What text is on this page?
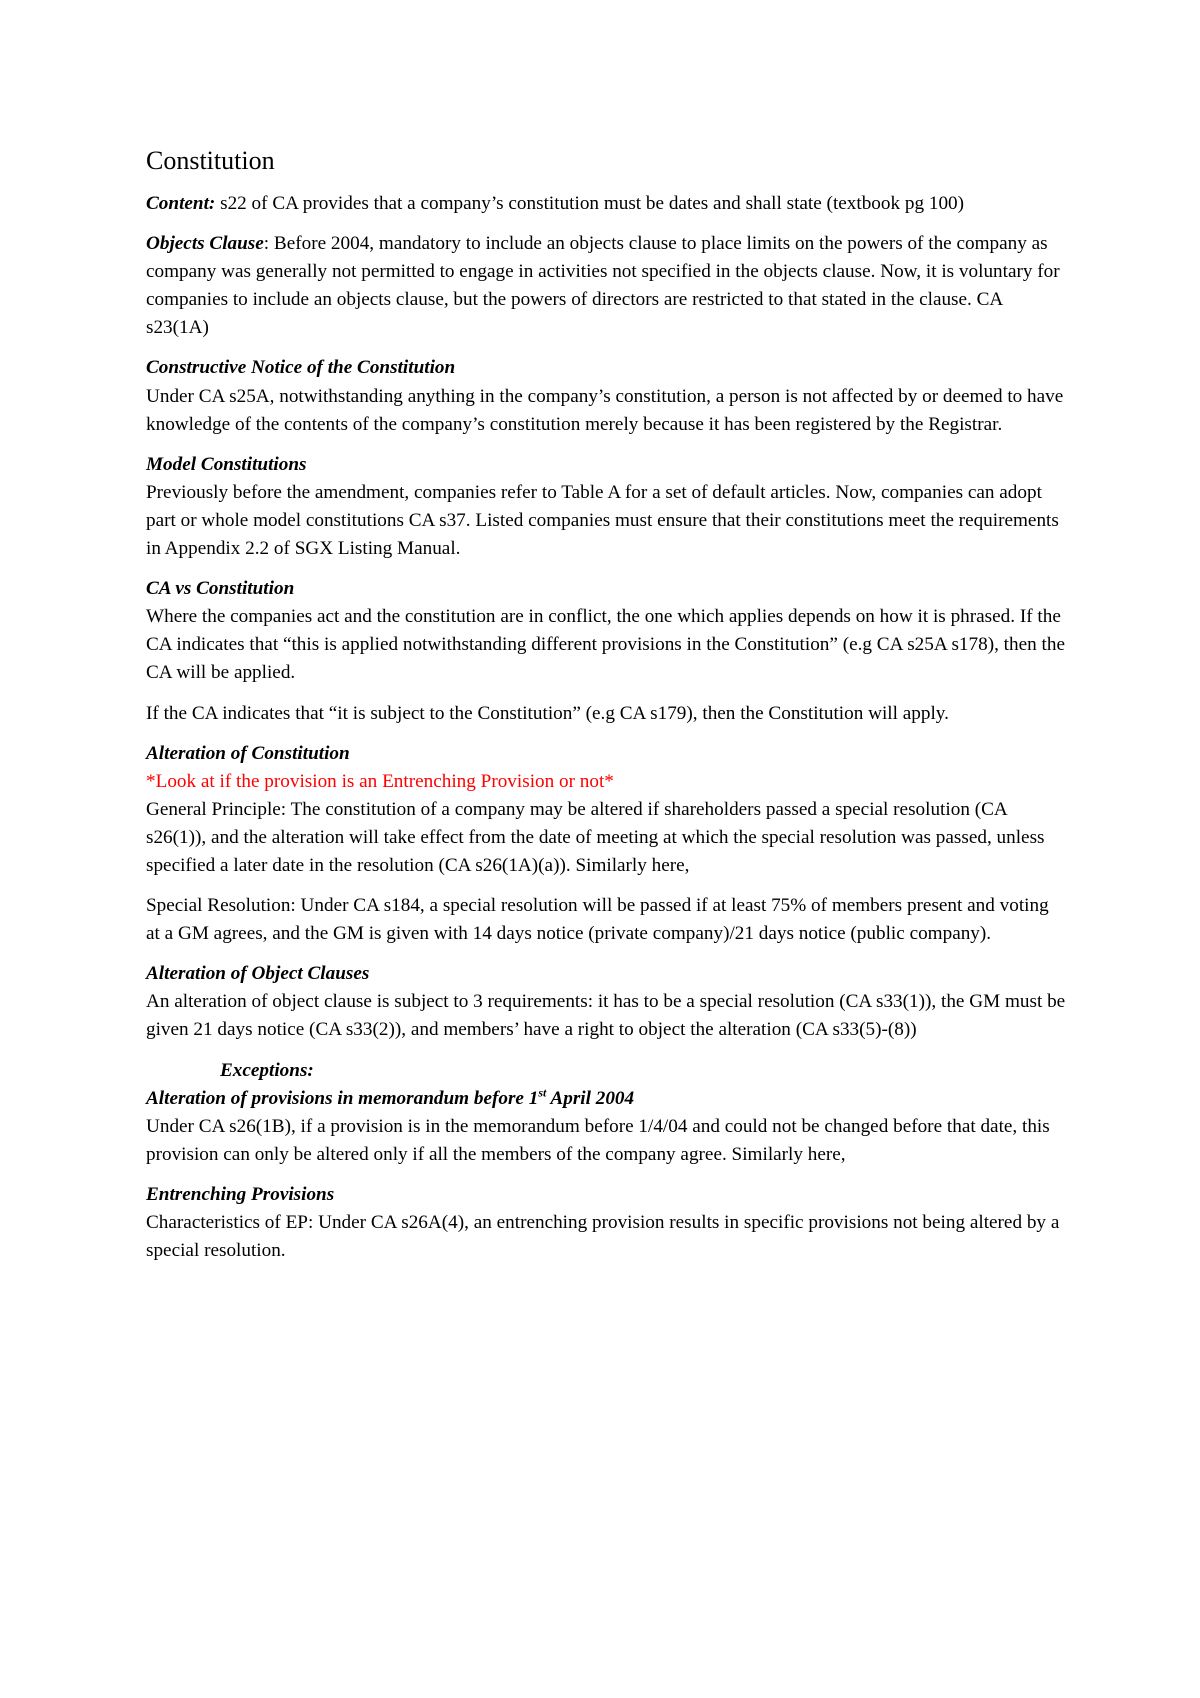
Constitution

Content: s22 of CA provides that a company’s constitution must be dates and shall state (textbook pg 100)

Objects Clause: Before 2004, mandatory to include an objects clause to place limits on the powers of the company as company was generally not permitted to engage in activities not specified in the objects clause. Now, it is voluntary for companies to include an objects clause, but the powers of directors are restricted to that stated in the clause. CA s23(1A)

Constructive Notice of the Constitution
Under CA s25A, notwithstanding anything in the company’s constitution, a person is not affected by or deemed to have knowledge of the contents of the company’s constitution merely because it has been registered by the Registrar.

Model Constitutions
Previously before the amendment, companies refer to Table A for a set of default articles. Now, companies can adopt part or whole model constitutions CA s37. Listed companies must ensure that their constitutions meet the requirements in Appendix 2.2 of SGX Listing Manual.

CA vs Constitution
Where the companies act and the constitution are in conflict, the one which applies depends on how it is phrased. If the CA indicates that “this is applied notwithstanding different provisions in the Constitution” (e.g CA s25A s178), then the CA will be applied.

If the CA indicates that “it is subject to the Constitution” (e.g CA s179), then the Constitution will apply.

Alteration of Constitution
*Look at if the provision is an Entrenching Provision or not*
General Principle: The constitution of a company may be altered if shareholders passed a special resolution (CA s26(1)), and the alteration will take effect from the date of meeting at which the special resolution was passed, unless specified a later date in the resolution (CA s26(1A)(a)). Similarly here,

Special Resolution: Under CA s184, a special resolution will be passed if at least 75% of members present and voting at a GM agrees, and the GM is given with 14 days notice (private company)/21 days notice (public company).

Alteration of Object Clauses
An alteration of object clause is subject to 3 requirements: it has to be a special resolution (CA s33(1)), the GM must be given 21 days notice (CA s33(2)), and members’ have a right to object the alteration (CA s33(5)-(8))

Exceptions:
Alteration of provisions in memorandum before 1st April 2004
Under CA s26(1B), if a provision is in the memorandum before 1/4/04 and could not be changed before that date, this provision can only be altered only if all the members of the company agree. Similarly here,

Entrenching Provisions
Characteristics of EP: Under CA s26A(4), an entrenching provision results in specific provisions not being altered by a special resolution.
